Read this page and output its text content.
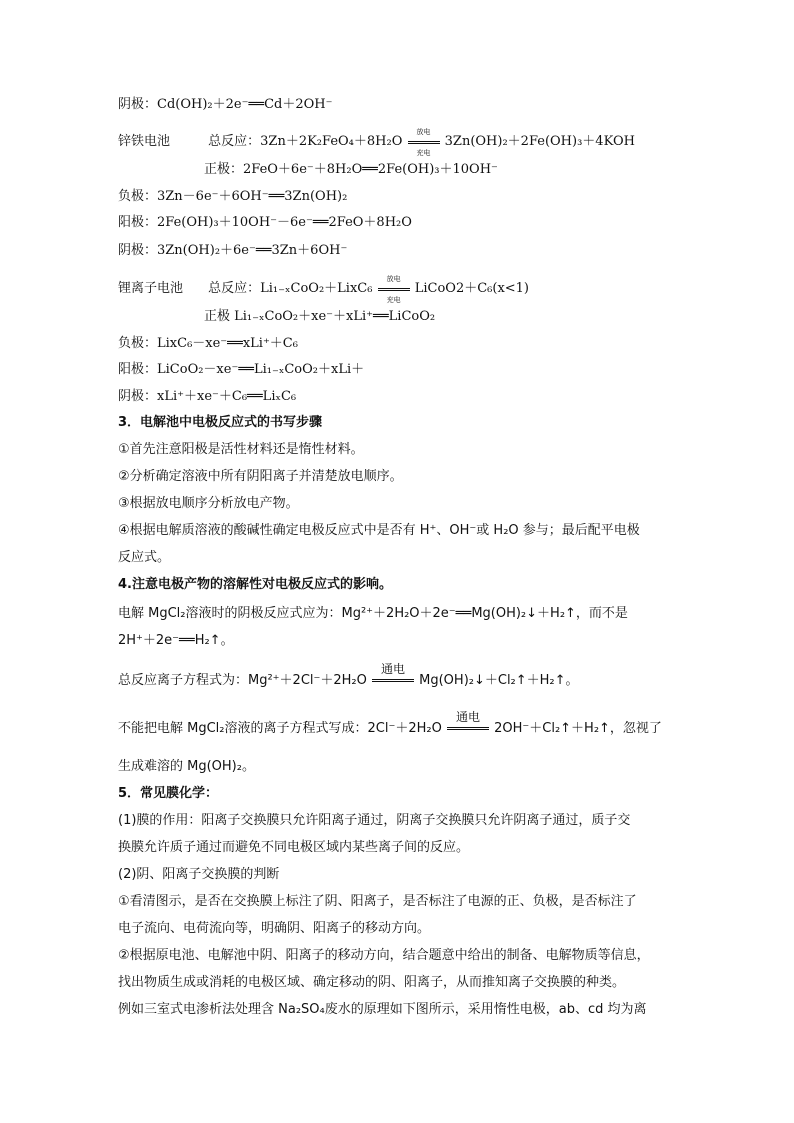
阴极：Cd(OH)₂＋2e⁻══Cd＋2OH⁻
锌铁电池	总反应：3Zn＋2K₂FeO₄＋8H₂O
放电
充电
3Zn(OH)₂＋2Fe(OH)₃＋4KOH
正极：2FeO＋6e⁻＋8H₂O══2Fe(OH)₃＋10OH⁻
负极：3Zn－6e⁻＋6OH⁻══3Zn(OH)₂
阳极：2Fe(OH)₃＋10OH⁻－6e⁻══2FeO＋8H₂O
阴极：3Zn(OH)₂＋6e⁻══3Zn＋6OH⁻
锂离子电池 总反应：Li₁₋ₓCoO₂＋LixC₆
放电
充电
LiCoO2＋C₆(x<1)
正极 Li₁₋ₓCoO₂＋xe⁻＋xLi⁺══LiCoO₂
负极：LixC₆－xe⁻══xLi⁺＋C₆
阳极：LiCoO₂－xe⁻══Li₁₋ₓCoO₂＋xLi＋
阴极：xLi⁺＋xe⁻＋C₆══LiₓC₆
3．电解池中电极反应式的书写步骤
①首先注意阳极是活性材料还是惰性材料。
②分析确定溶液中所有阴阳离子并清楚放电顺序。
③根据放电顺序分析放电产物。
④根据电解质溶液的酸碱性确定电极反应式中是否有 H⁺、OH⁻或 H₂O 参与；最后配平电极
反应式。
4.注意电极产物的溶解性对电极反应式的影响。
电解 MgCl₂溶液时的阴极反应式应为：Mg²⁺＋2H₂O＋2e⁻══Mg(OH)₂↓＋H₂↑，而不是
2H⁺＋2e⁻══H₂↑。
总反应离子方程式为：Mg²⁺＋2Cl⁻＋2H₂O
通电
Mg(OH)₂↓＋Cl₂↑＋H₂↑。
不能把电解 MgCl₂溶液的离子方程式写成：2Cl⁻＋2H₂O
通电
2OH⁻＋Cl₂↑＋H₂↑，忽视了
生成难溶的 Mg(OH)₂。
5．常见膜化学：
(1)膜的作用：阳离子交换膜只允许阳离子通过，阴离子交换膜只允许阴离子通过，质子交
换膜允许质子通过而避免不同电极区域内某些离子间的反应。
(2)阴、阳离子交换膜的判断
①看清图示，是否在交换膜上标注了阴、阳离子，是否标注了电源的正、负极，是否标注了
电子流向、电荷流向等，明确阴、阳离子的移动方向。
②根据原电池、电解池中阴、阳离子的移动方向，结合题意中给出的制备、电解物质等信息，
找出物质生成或消耗的电极区域、确定移动的阴、阳离子，从而推知离子交换膜的种类。
例如三室式电渗析法处理含 Na₂SO₄废水的原理如下图所示，采用惰性电极，ab、cd 均为离
